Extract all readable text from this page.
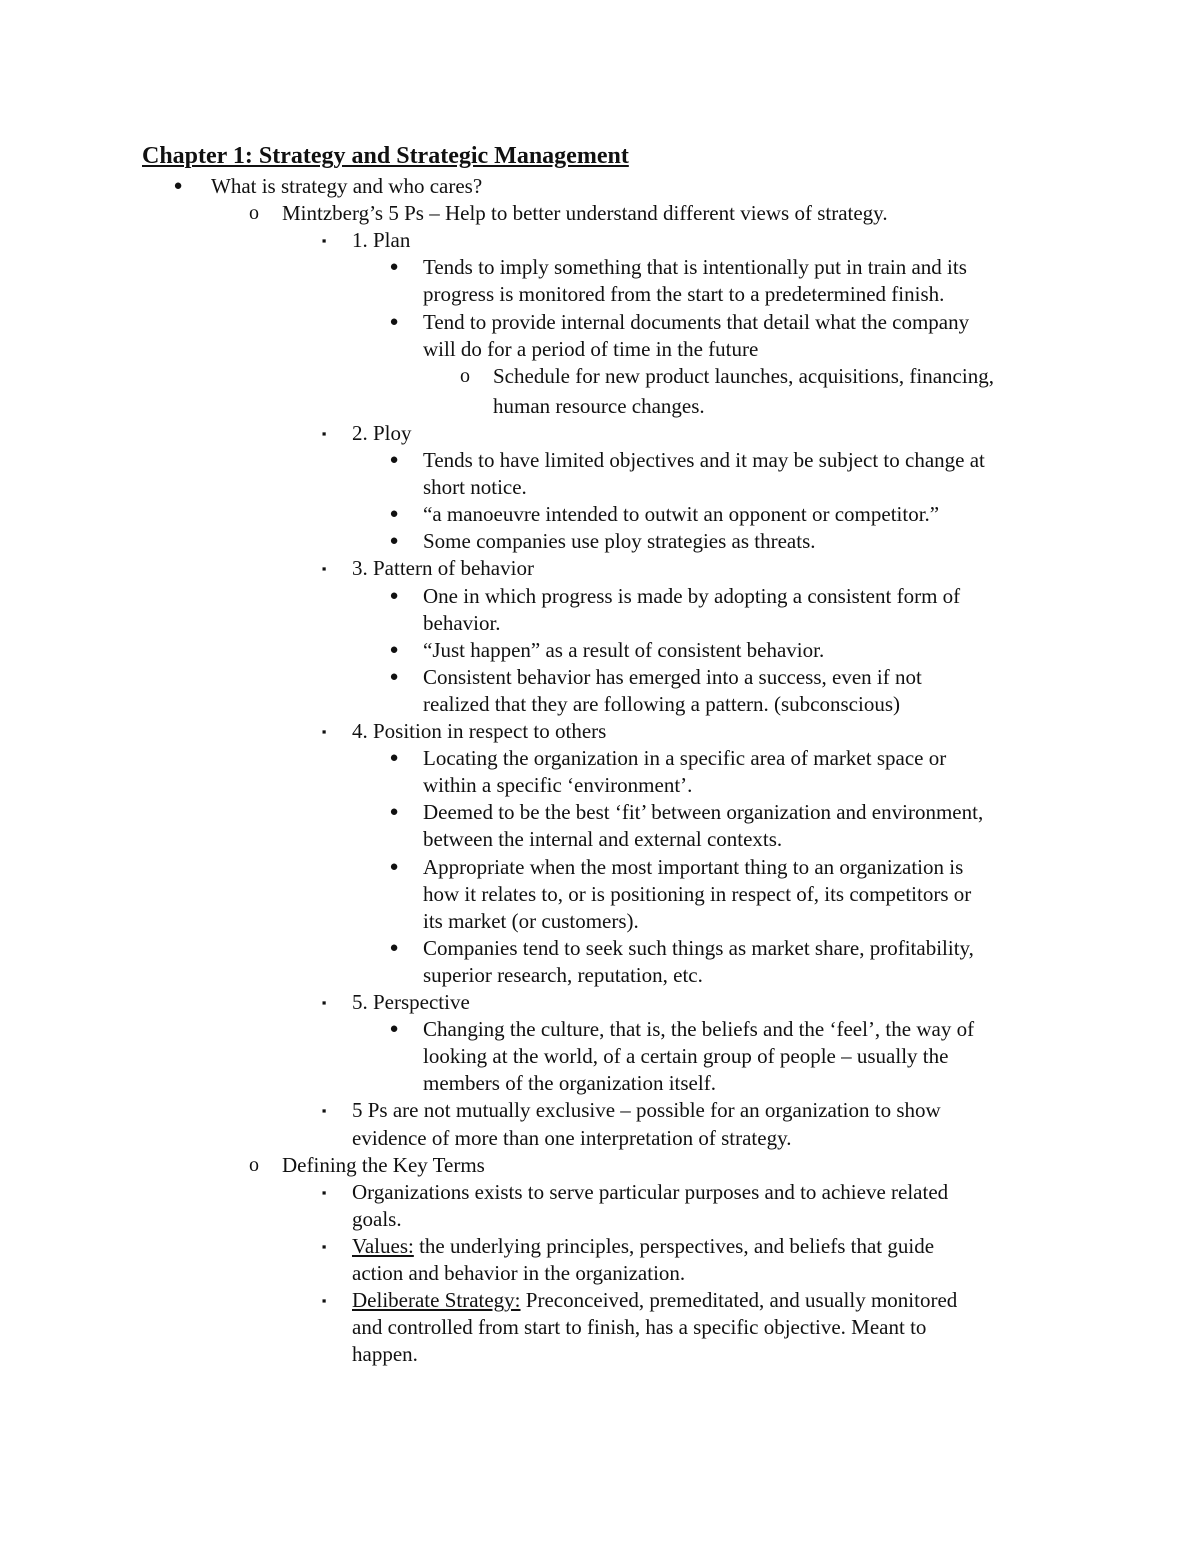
Chapter 1: Strategy and Strategic Management
● What is strategy and who cares?

o Mintzberg’s 5 Ps – Help to better understand different views of strategy.

▪ 1. Plan

● Tends to imply something that is intentionally put in train and its

progress is monitored from the start to a predetermined finish.

● Tend to provide internal documents that detail what the company

will do for a period of time in the future

o Schedule for new product launches, acquisitions, financing,

human resource changes.

▪ 2. Ploy

● Tends to have limited objectives and it may be subject to change at

short notice.

● “a manoeuvre intended to outwit an opponent or competitor.”

● Some companies use ploy strategies as threats.

▪ 3. Pattern of behavior

● One in which progress is made by adopting a consistent form of

behavior.

● “Just happen” as a result of consistent behavior.

● Consistent behavior has emerged into a success, even if not

realized that they are following a pattern. (subconscious)

▪ 4. Position in respect to others

● Locating the organization in a specific area of market space or

within a specific ‘environment’.

● Deemed to be the best ‘fit’ between organization and environment,

between the internal and external contexts.

● Appropriate when the most important thing to an organization is

how it relates to, or is positioning in respect of, its competitors or

its market (or customers).

● Companies tend to seek such things as market share, profitability,

superior research, reputation, etc.

▪ 5. Perspective

● Changing the culture, that is, the beliefs and the ‘feel’, the way of

looking at the world, of a certain group of people – usually the

members of the organization itself.

▪ 5 Ps are not mutually exclusive – possible for an organization to show

evidence of more than one interpretation of strategy.

o Defining the Key Terms

▪ Organizations exists to serve particular purposes and to achieve related

goals.

▪ Values: the underlying principles, perspectives, and beliefs that guide

action and behavior in the organization.

▪ Deliberate Strategy: Preconceived, premeditated, and usually monitored

and controlled from start to finish, has a specific objective. Meant to

happen.
